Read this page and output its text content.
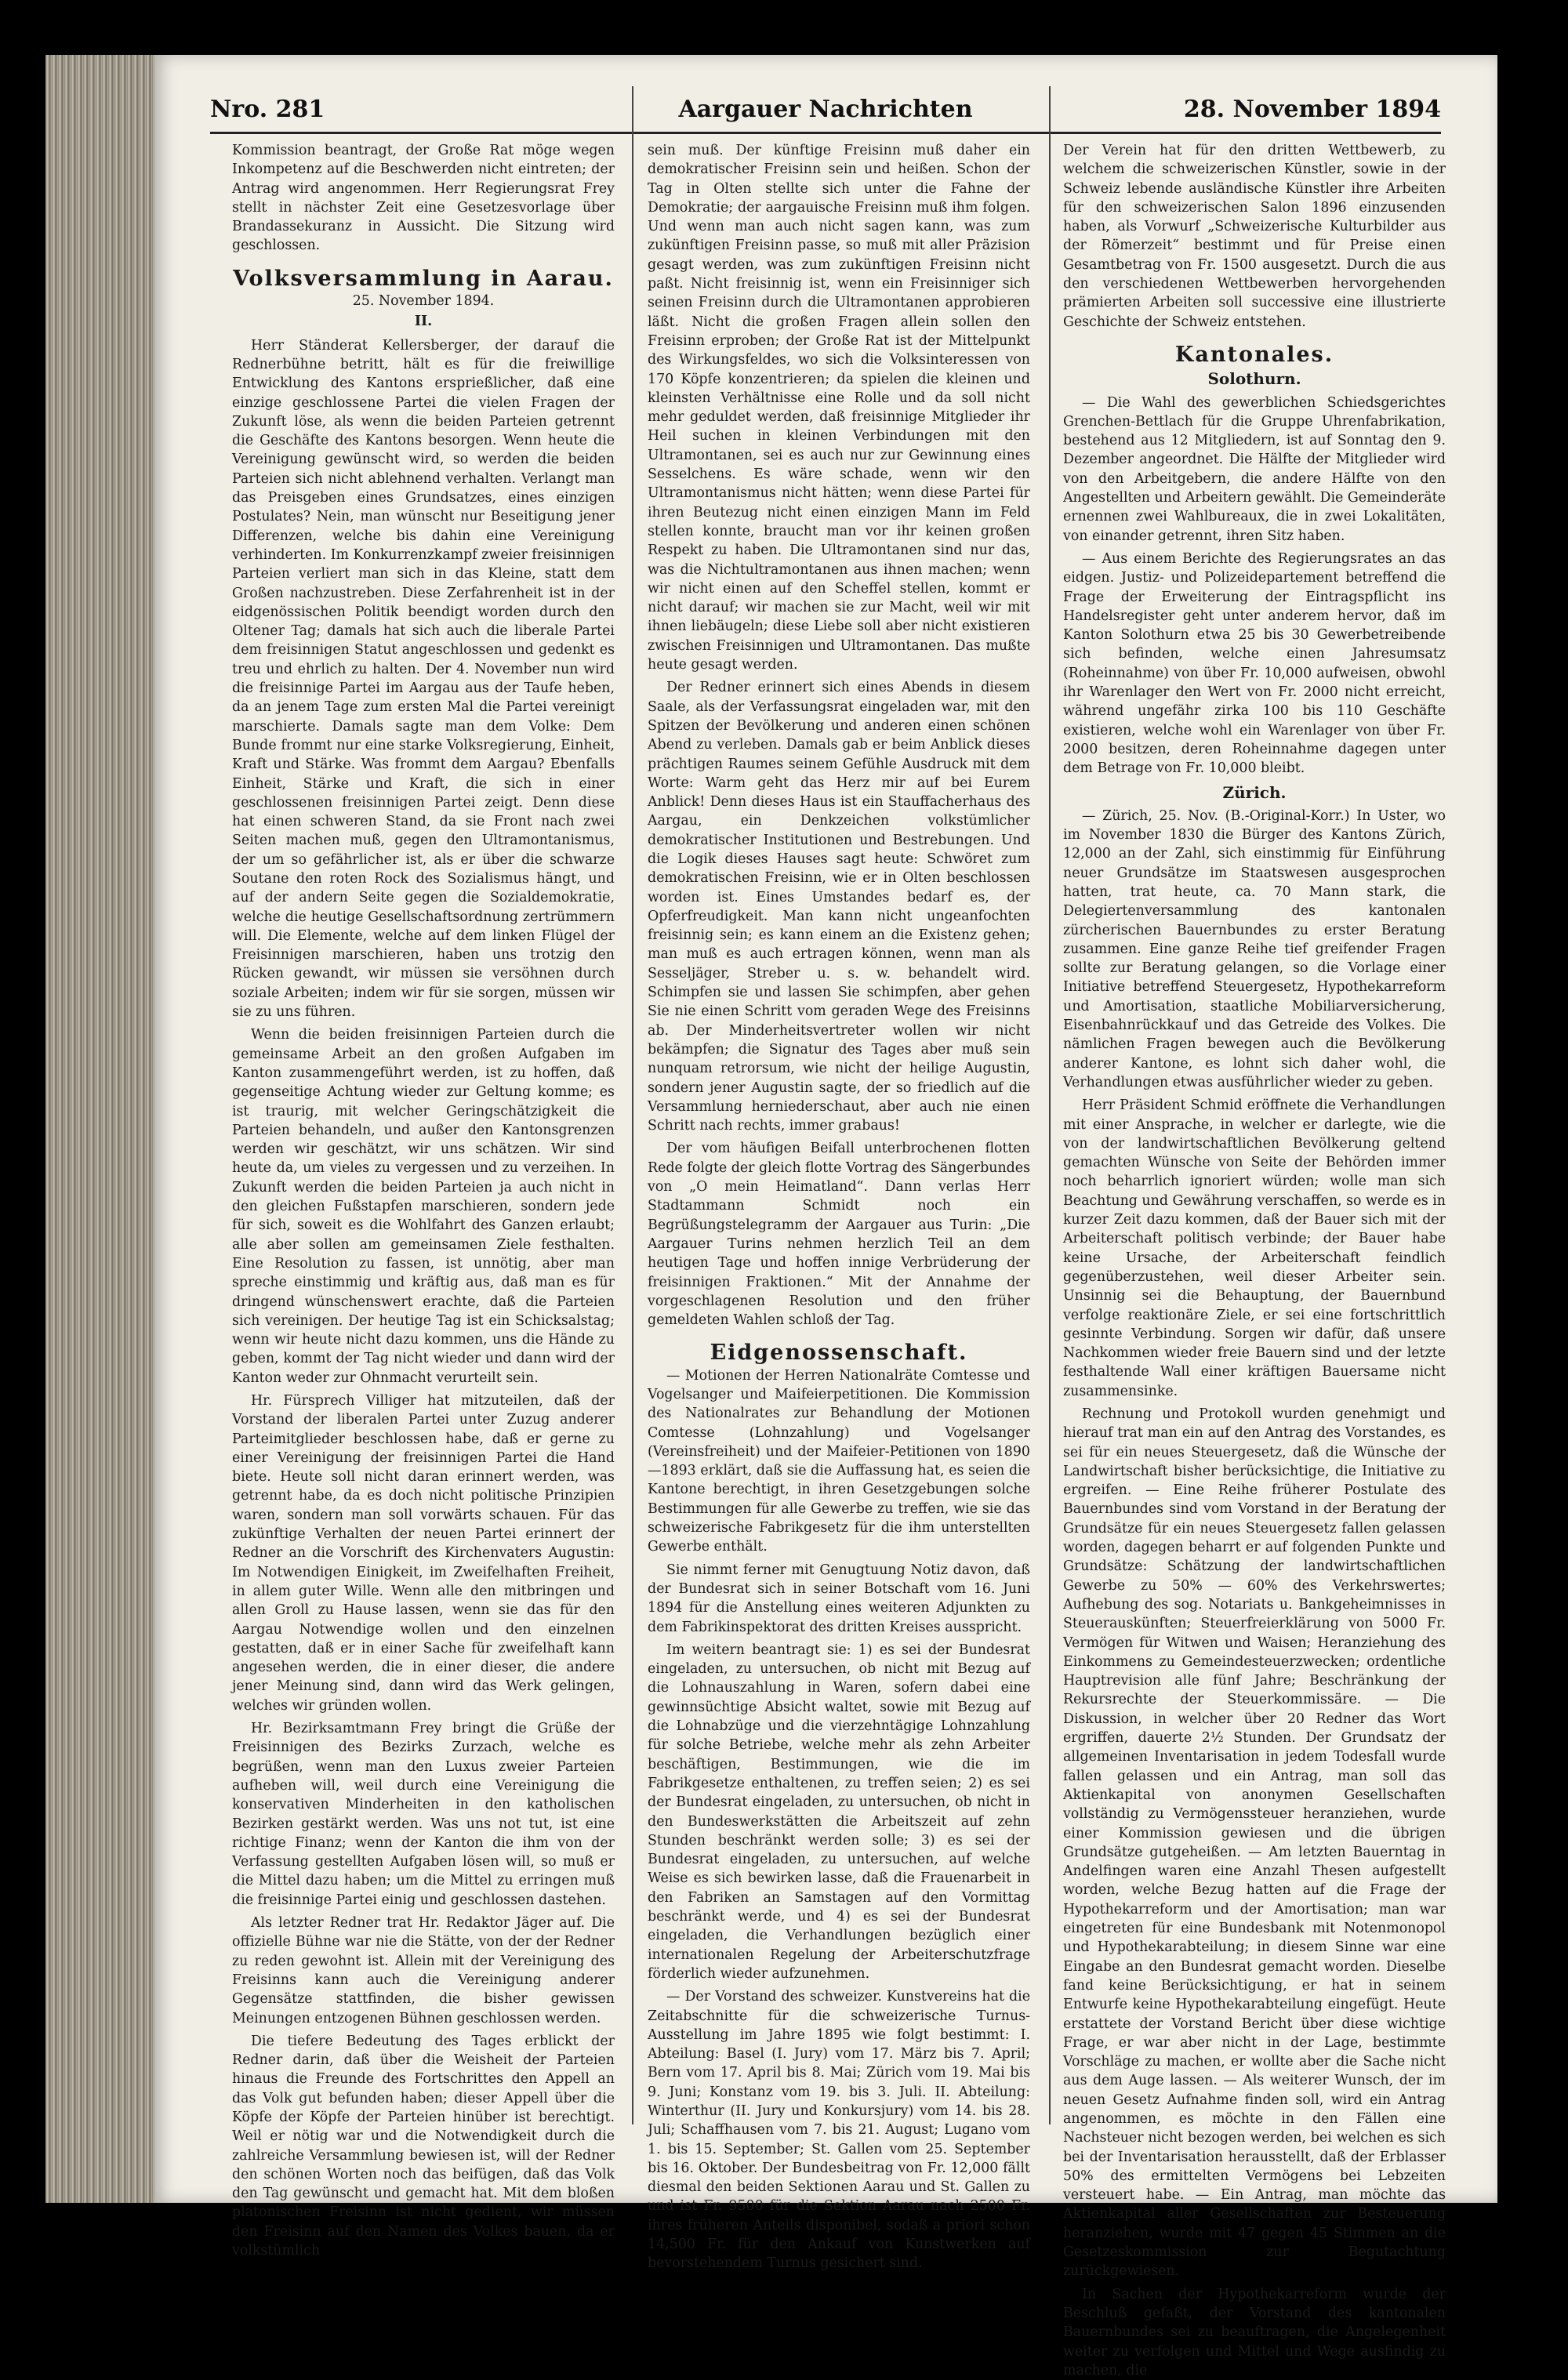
Aargauer Nachrichten
Nro. 281	28. November 1894

Kommission beantragt, der Große Rat möge wegen Inkompetenz auf die Beschwerden nicht eintreten; der Antrag wird angenommen. Herr Regierungsrat Frey stellt in nächster Zeit eine Gesetzesvorlage über Brandassekuranz in Aussicht. Die Sitzung wird geschlossen.

Volksversammlung in Aarau.

25. November 1894.

II.

Herr Ständerat Kellersberger, der darauf die Rednerbühne betritt, hält es für die freiwillige Entwicklung des Kantons ersprießlicher, daß eine einzige geschlossene Partei die vielen Fragen der Zukunft löse, als wenn die beiden Parteien getrennt die Geschäfte des Kantons besorgen. Wenn heute die Vereinigung gewünscht wird, so werden die beiden Parteien sich nicht ablehnend verhalten. Verlangt man das Preisgeben eines Grundsatzes, eines einzigen Postulates? Nein, man wünscht nur Beseitigung jener Differenzen, welche bis dahin eine Vereinigung verhinderten. Im Konkurrenzkampf zweier freisinnigen Parteien verliert man sich in das Kleine, statt dem Großen nachzustreben. Diese Zerfahrenheit ist in der eidgenössischen Politik beendigt worden durch den Oltener Tag; damals hat sich auch die liberale Partei dem freisinnigen Statut angeschlossen und gedenkt es treu und ehrlich zu halten. Der 4. November nun wird die freisinnige Partei im Aargau aus der Taufe heben, da an jenem Tage zum ersten Mal die Partei vereinigt marschierte. Damals sagte man dem Volke: Dem Bunde frommt nur eine starke Volksregierung, Einheit, Kraft und Stärke. Was frommt dem Aargau? Ebenfalls Einheit, Stärke und Kraft, die sich in einer geschlossenen freisinnigen Partei zeigt. Denn diese hat einen schweren Stand, da sie Front nach zwei Seiten machen muß, gegen den Ultramontanismus, der um so gefährlicher ist, als er über die schwarze Soutane den roten Rock des Sozialismus hängt, und auf der andern Seite gegen die Sozialdemokratie, welche die heutige Gesellschaftsordnung zertrümmern will. Die Elemente, welche auf dem linken Flügel der Freisinnigen marschieren, haben uns trotzig den Rücken gewandt, wir müssen sie versöhnen durch soziale Arbeiten; indem wir für sie sorgen, müssen wir sie zu uns führen.

Wenn die beiden freisinnigen Parteien durch die gemeinsame Arbeit an den großen Aufgaben im Kanton zusammengeführt werden, ist zu hoffen, daß gegenseitige Achtung wieder zur Geltung komme; es ist traurig, mit welcher Geringschätzigkeit die Parteien behandeln, und außer den Kantonsgrenzen werden wir geschätzt, wir uns schätzen. Wir sind heute da, um vieles zu vergessen und zu verzeihen. In Zukunft werden die beiden Parteien ja auch nicht in den gleichen Fußstapfen marschieren, sondern jede für sich, soweit es die Wohlfahrt des Ganzen erlaubt; alle aber sollen am gemeinsamen Ziele festhalten. Eine Resolution zu fassen, ist unnötig, aber man spreche einstimmig und kräftig aus, daß man es für dringend wünschenswert erachte, daß die Parteien sich vereinigen. Der heutige Tag ist ein Schicksalstag; wenn wir heute nicht dazu kommen, uns die Hände zu geben, kommt der Tag nicht wieder und dann wird der Kanton weder zur Ohnmacht verurteilt sein.

Hr. Fürsprech Villiger hat mitzuteilen, daß der Vorstand der liberalen Partei unter Zuzug anderer Parteimitglieder beschlossen habe, daß er gerne zu einer Vereinigung der freisinnigen Partei die Hand biete. Heute soll nicht daran erinnert werden, was getrennt habe, da es doch nicht politische Prinzipien waren, sondern man soll vorwärts schauen. Für das zukünftige Verhalten der neuen Partei erinnert der Redner an die Vorschrift des Kirchenvaters Augustin: Im Notwendigen Einigkeit, im Zweifelhaften Freiheit, in allem guter Wille. Wenn alle den mitbringen und allen Groll zu Hause lassen, wenn sie das für den Aargau Notwendige wollen und den einzelnen gestatten, daß er in einer Sache für zweifelhaft kann angesehen werden, die in einer dieser, die andere jener Meinung sind, dann wird das Werk gelingen, welches wir gründen wollen.

Hr. Bezirksamtmann Frey bringt die Grüße der Freisinnigen des Bezirks Zurzach, welche es begrüßen, wenn man den Luxus zweier Parteien aufheben will, weil durch eine Vereinigung die konservativen Minderheiten in den katholischen Bezirken gestärkt werden. Was uns not tut, ist eine richtige Finanz; wenn der Kanton die ihm von der Verfassung gestellten Aufgaben lösen will, so muß er die Mittel dazu haben; um die Mittel zu erringen muß die freisinnige Partei einig und geschlossen dastehen.

Als letzter Redner trat Hr. Redaktor Jäger auf. Die offizielle Bühne war nie die Stätte, von der der Redner zu reden gewohnt ist. Allein mit der Vereinigung des Freisinns kann auch die Vereinigung anderer Gegensätze stattfinden, die bisher gewissen Meinungen entzogenen Bühnen geschlossen werden.

Die tiefere Bedeutung des Tages erblickt der Redner darin, daß über die Weisheit der Parteien hinaus die Freunde des Fortschrittes den Appell an das Volk gut befunden haben; dieser Appell über die Köpfe der Köpfe der Parteien hinüber ist berechtigt. Weil er nötig war und die Notwendigkeit durch die zahlreiche Versammlung bewiesen ist, will der Redner den schönen Worten noch das beifügen, daß das Volk den Tag gewünscht und gemacht hat. Mit dem bloßen platonischen Freisinn ist nicht gedient, wir müssen den Freisinn auf den Namen des Volkes bauen, da er volkstümlich

sein muß. Der künftige Freisinn muß daher ein demokratischer Freisinn sein und heißen. Schon der Tag in Olten stellte sich unter die Fahne der Demokratie; der aargauische Freisinn muß ihm folgen. Und wenn man auch nicht sagen kann, was zum zukünftigen Freisinn passe, so muß mit aller Präzision gesagt werden, was zum zukünftigen Freisinn nicht paßt. Nicht freisinnig ist, wenn ein Freisinniger sich seinen Freisinn durch die Ultramontanen approbieren läßt. Nicht die großen Fragen allein sollen den Freisinn erproben; der Große Rat ist der Mittelpunkt des Wirkungsfeldes, wo sich die Volksinteressen von 170 Köpfe konzentrieren; da spielen die kleinen und kleinsten Verhältnisse eine Rolle und da soll nicht mehr geduldet werden, daß freisinnige Mitglieder ihr Heil suchen in kleinen Verbindungen mit den Ultramontanen, sei es auch nur zur Gewinnung eines Sesselchens. Es wäre schade, wenn wir den Ultramontanismus nicht hätten; wenn diese Partei für ihren Beutezug nicht einen einzigen Mann im Feld stellen konnte, braucht man vor ihr keinen großen Respekt zu haben. Die Ultramontanen sind nur das, was die Nichtultramontanen aus ihnen machen; wenn wir nicht einen auf den Scheffel stellen, kommt er nicht darauf; wir machen sie zur Macht, weil wir mit ihnen liebäugeln; diese Liebe soll aber nicht existieren zwischen Freisinnigen und Ultramontanen. Das mußte heute gesagt werden.

Der Redner erinnert sich eines Abends in diesem Saale, als der Verfassungsrat eingeladen war, mit den Spitzen der Bevölkerung und anderen einen schönen Abend zu verleben. Damals gab er beim Anblick dieses prächtigen Raumes seinem Gefühle Ausdruck mit dem Worte: Warm geht das Herz mir auf bei Eurem Anblick! Denn dieses Haus ist ein Stauffacherhaus des Aargau, ein Denkzeichen volkstümlicher demokratischer Institutionen und Bestrebungen. Und die Logik dieses Hauses sagt heute: Schwöret zum demokratischen Freisinn, wie er in Olten beschlossen worden ist. Eines Umstandes bedarf es, der Opferfreudigkeit. Man kann nicht ungeanfochten freisinnig sein; es kann einem an die Existenz gehen; man muß es auch ertragen können, wenn man als Sesseljäger, Streber u. s. w. behandelt wird. Schimpfen sie und lassen Sie schimpfen, aber gehen Sie nie einen Schritt vom geraden Wege des Freisinns ab. Der Minderheitsvertreter wollen wir nicht bekämpfen; die Signatur des Tages aber muß sein nunquam retrorsum, wie nicht der heilige Augustin, sondern jener Augustin sagte, der so friedlich auf die Versammlung herniederschaut, aber auch nie einen Schritt nach rechts, immer grabaus!

Der vom häufigen Beifall unterbrochenen flotten Rede folgte der gleich flotte Vortrag des Sängerbundes von „O mein Heimatland“. Dann verlas Herr Stadtammann Schmidt noch ein Begrüßungstelegramm der Aargauer aus Turin: „Die Aargauer Turins nehmen herzlich Teil an dem heutigen Tage und hoffen innige Verbrüderung der freisinnigen Fraktionen.“ Mit der Annahme der vorgeschlagenen Resolution und den früher gemeldeten Wahlen schloß der Tag.

Eidgenossenschaft.

— Motionen der Herren Nationalräte Comtesse und Vogelsanger und Maifeierpetitionen. Die Kommission des Nationalrates zur Behandlung der Motionen Comtesse (Lohnzahlung) und Vogelsanger (Vereinsfreiheit) und der Maifeier-Petitionen von 1890—1893 erklärt, daß sie die Auffassung hat, es seien die Kantone berechtigt, in ihren Gesetzgebungen solche Bestimmungen für alle Gewerbe zu treffen, wie sie das schweizerische Fabrikgesetz für die ihm unterstellten Gewerbe enthält.

Sie nimmt ferner mit Genugtuung Notiz davon, daß der Bundesrat sich in seiner Botschaft vom 16. Juni 1894 für die Anstellung eines weiteren Adjunkten zu dem Fabrikinspektorat des dritten Kreises ausspricht.

Im weitern beantragt sie: 1) es sei der Bundesrat eingeladen, zu untersuchen, ob nicht mit Bezug auf die Lohnauszahlung in Waren, sofern dabei eine gewinnsüchtige Absicht waltet, sowie mit Bezug auf die Lohnabzüge und die vierzehntägige Lohnzahlung für solche Betriebe, welche mehr als zehn Arbeiter beschäftigen, Bestimmungen, wie die im Fabrikgesetze enthaltenen, zu treffen seien; 2) es sei der Bundesrat eingeladen, zu untersuchen, ob nicht in den Bundeswerkstätten die Arbeitszeit auf zehn Stunden beschränkt werden solle; 3) es sei der Bundesrat eingeladen, zu untersuchen, auf welche Weise es sich bewirken lasse, daß die Frauenarbeit in den Fabriken an Samstagen auf den Vormittag beschränkt werde, und 4) es sei der Bundesrat eingeladen, die Verhandlungen bezüglich einer internationalen Regelung der Arbeiterschutzfrage förderlich wieder aufzunehmen.

— Der Vorstand des schweizer. Kunstvereins hat die Zeitabschnitte für die schweizerische Turnus-Ausstellung im Jahre 1895 wie folgt bestimmt: I. Abteilung: Basel (I. Jury) vom 17. März bis 7. April; Bern vom 17. April bis 8. Mai; Zürich vom 19. Mai bis 9. Juni; Konstanz vom 19. bis 3. Juli. II. Abteilung: Winterthur (II. Jury und Konkursjury) vom 14. bis 28. Juli; Schaffhausen vom 7. bis 21. August; Lugano vom 1. bis 15. September; St. Gallen vom 25. September bis 16. Oktober. Der Bundesbeitrag von Fr. 12,000 fällt diesmal den beiden Sektionen Aarau und St. Gallen zu und ist Fr. 9500 für die Sektion Aarau nach 2500 Fr. ihres früheren Anteils disponibel, sodaß a priori schon 14,500 Fr. für den Ankauf von Kunstwerken auf bevorstehendem Turnus gesichert sind.

Der Verein hat für den dritten Wettbewerb, zu welchem die schweizerischen Künstler, sowie in der Schweiz lebende ausländische Künstler ihre Arbeiten für den schweizerischen Salon 1896 einzusenden haben, als Vorwurf „Schweizerische Kulturbilder aus der Römerzeit“ bestimmt und für Preise einen Gesamtbetrag von Fr. 1500 ausgesetzt. Durch die aus den verschiedenen Wettbewerben hervorgehenden prämierten Arbeiten soll successive eine illustrierte Geschichte der Schweiz entstehen.

Kantonales.

Solothurn.

— Die Wahl des gewerblichen Schiedsgerichtes Grenchen-Bettlach für die Gruppe Uhrenfabrikation, bestehend aus 12 Mitgliedern, ist auf Sonntag den 9. Dezember angeordnet. Die Hälfte der Mitglieder wird von den Arbeitgebern, die andere Hälfte von den Angestellten und Arbeitern gewählt. Die Gemeinderäte ernennen zwei Wahlbureaux, die in zwei Lokalitäten, von einander getrennt, ihren Sitz haben.

— Aus einem Berichte des Regierungsrates an das eidgen. Justiz- und Polizeidepartement betreffend die Frage der Erweiterung der Eintragspflicht ins Handelsregister geht unter anderem hervor, daß im Kanton Solothurn etwa 25 bis 30 Gewerbetreibende sich befinden, welche einen Jahresumsatz (Roheinnahme) von über Fr. 10,000 aufweisen, obwohl ihr Warenlager den Wert von Fr. 2000 nicht erreicht, während ungefähr zirka 100 bis 110 Geschäfte existieren, welche wohl ein Warenlager von über Fr. 2000 besitzen, deren Roheinnahme dagegen unter dem Betrage von Fr. 10,000 bleibt.

Zürich.

— Zürich, 25. Nov. (B.-Original-Korr.) In Uster, wo im November 1830 die Bürger des Kantons Zürich, 12,000 an der Zahl, sich einstimmig für Einführung neuer Grundsätze im Staatswesen ausgesprochen hatten, trat heute, ca. 70 Mann stark, die Delegiertenversammlung des kantonalen zürcherischen Bauernbundes zu erster Beratung zusammen. Eine ganze Reihe tief greifender Fragen sollte zur Beratung gelangen, so die Vorlage einer Initiative betreffend Steuergesetz, Hypothekarreform und Amortisation, staatliche Mobiliarversicherung, Eisenbahnrückkauf und das Getreide des Volkes. Die nämlichen Fragen bewegen auch die Bevölkerung anderer Kantone, es lohnt sich daher wohl, die Verhandlungen etwas ausführlicher wieder zu geben.

Herr Präsident Schmid eröffnete die Verhandlungen mit einer Ansprache, in welcher er darlegte, wie die von der landwirtschaftlichen Bevölkerung geltend gemachten Wünsche von Seite der Behörden immer noch beharrlich ignoriert würden; wolle man sich Beachtung und Gewährung verschaffen, so werde es in kurzer Zeit dazu kommen, daß der Bauer sich mit der Arbeiterschaft politisch verbinde; der Bauer habe keine Ursache, der Arbeiterschaft feindlich gegenüberzustehen, weil dieser Arbeiter sein. Unsinnig sei die Behauptung, der Bauernbund verfolge reaktionäre Ziele, er sei eine fortschrittlich gesinnte Verbindung. Sorgen wir dafür, daß unsere Nachkommen wieder freie Bauern sind und der letzte festhaltende Wall einer kräftigen Bauersame nicht zusammensinke.

Rechnung und Protokoll wurden genehmigt und hierauf trat man ein auf den Antrag des Vorstandes, es sei für ein neues Steuergesetz, daß die Wünsche der Landwirtschaft bisher berücksichtige, die Initiative zu ergreifen. — Eine Reihe früherer Postulate des Bauernbundes sind vom Vorstand in der Beratung der Grundsätze für ein neues Steuergesetz fallen gelassen worden, dagegen beharrt er auf folgenden Punkte und Grundsätze: Schätzung der landwirtschaftlichen Gewerbe zu 50% — 60% des Verkehrswertes; Aufhebung des sog. Notariats u. Bankgeheimnisses in Steuerauskünften; Steuerfreierklärung von 5000 Fr. Vermögen für Witwen und Waisen; Heranziehung des Einkommens zu Gemeindesteuerzwecken; ordentliche Hauptrevision alle fünf Jahre; Beschränkung der Rekursrechte der Steuerkommissäre. — Die Diskussion, in welcher über 20 Redner das Wort ergriffen, dauerte 2½ Stunden. Der Grundsatz der allgemeinen Inventarisation in jedem Todesfall wurde fallen gelassen und ein Antrag, man soll das Aktienkapital von anonymen Gesellschaften vollständig zu Vermögenssteuer heranziehen, wurde einer Kommission gewiesen und die übrigen Grundsätze gutgeheißen. — Am letzten Bauerntag in Andelfingen waren eine Anzahl Thesen aufgestellt worden, welche Bezug hatten auf die Frage der Hypothekarreform und der Amortisation; man war eingetreten für eine Bundesbank mit Notenmonopol und Hypothekarabteilung; in diesem Sinne war eine Eingabe an den Bundesrat gemacht worden. Dieselbe fand keine Berücksichtigung, er hat in seinem Entwurfe keine Hypothekarabteilung eingefügt. Heute erstattete der Vorstand Bericht über diese wichtige Frage, er war aber nicht in der Lage, bestimmte Vorschläge zu machen, er wollte aber die Sache nicht aus dem Auge lassen. — Als weiterer Wunsch, der im neuen Gesetz Aufnahme finden soll, wird ein Antrag angenommen, es möchte in den Fällen eine Nachsteuer nicht bezogen werden, bei welchen es sich bei der Inventarisation herausstellt, daß der Erblasser 50% des ermittelten Vermögens bei Lebzeiten versteuert habe. — Ein Antrag, man möchte das Aktienkapital aller Gesellschaften zur Besteuerung heranziehen, wurde mit 47 gegen 45 Stimmen an die Gesetzeskommission zur Begutachtung zurückgewiesen.

In Sachen der Hypothekarreform wurde der Beschluß gefaßt, der Vorstand des kantonalen Bauernbundes sei zu beauftragen, die Angelegenheit weiter zu verfolgen und Mittel und Wege ausfindig zu machen, die
